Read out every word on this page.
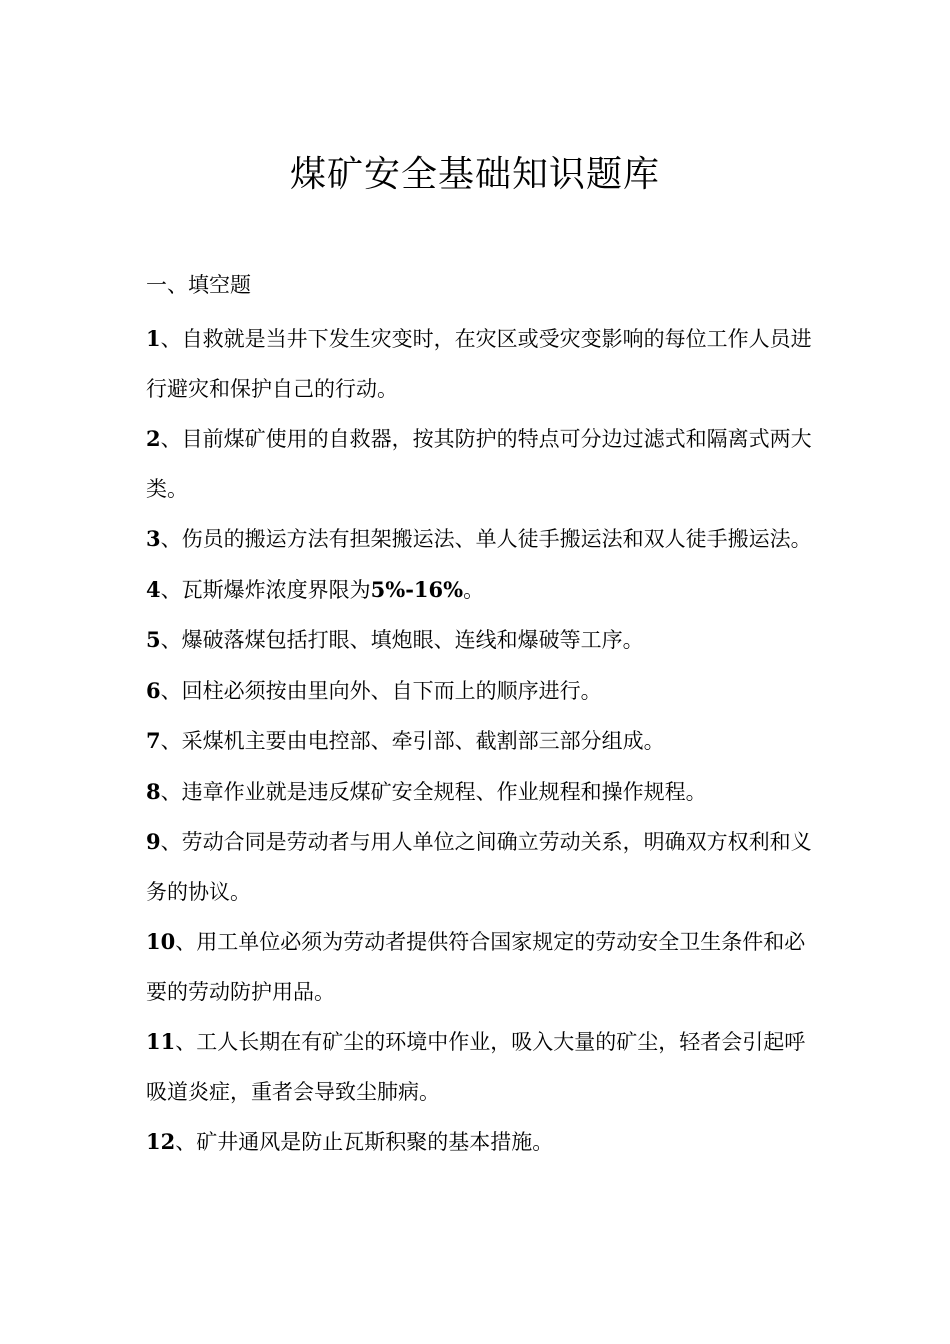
煤矿安全基础知识题库

一、填空题

1、自救就是当井下发生灾变时，在灾区或受灾变影响的每位工作人员进行避灾和保护自己的行动。

2、目前煤矿使用的自救器，按其防护的特点可分边过滤式和隔离式两大类。

3、伤员的搬运方法有担架搬运法、单人徒手搬运法和双人徒手搬运法。

4、瓦斯爆炸浓度界限为5%-16%。

5、爆破落煤包括打眼、填炮眼、连线和爆破等工序。

6、回柱必须按由里向外、自下而上的顺序进行。

7、采煤机主要由电控部、牵引部、截割部三部分组成。

8、违章作业就是违反煤矿安全规程、作业规程和操作规程。

9、劳动合同是劳动者与用人单位之间确立劳动关系，明确双方权利和义务的协议。

10、用工单位必须为劳动者提供符合国家规定的劳动安全卫生条件和必要的劳动防护用品。

11、工人长期在有矿尘的环境中作业，吸入大量的矿尘，轻者会引起呼吸道炎症，重者会导致尘肺病。

12、矿井通风是防止瓦斯积聚的基本措施。
